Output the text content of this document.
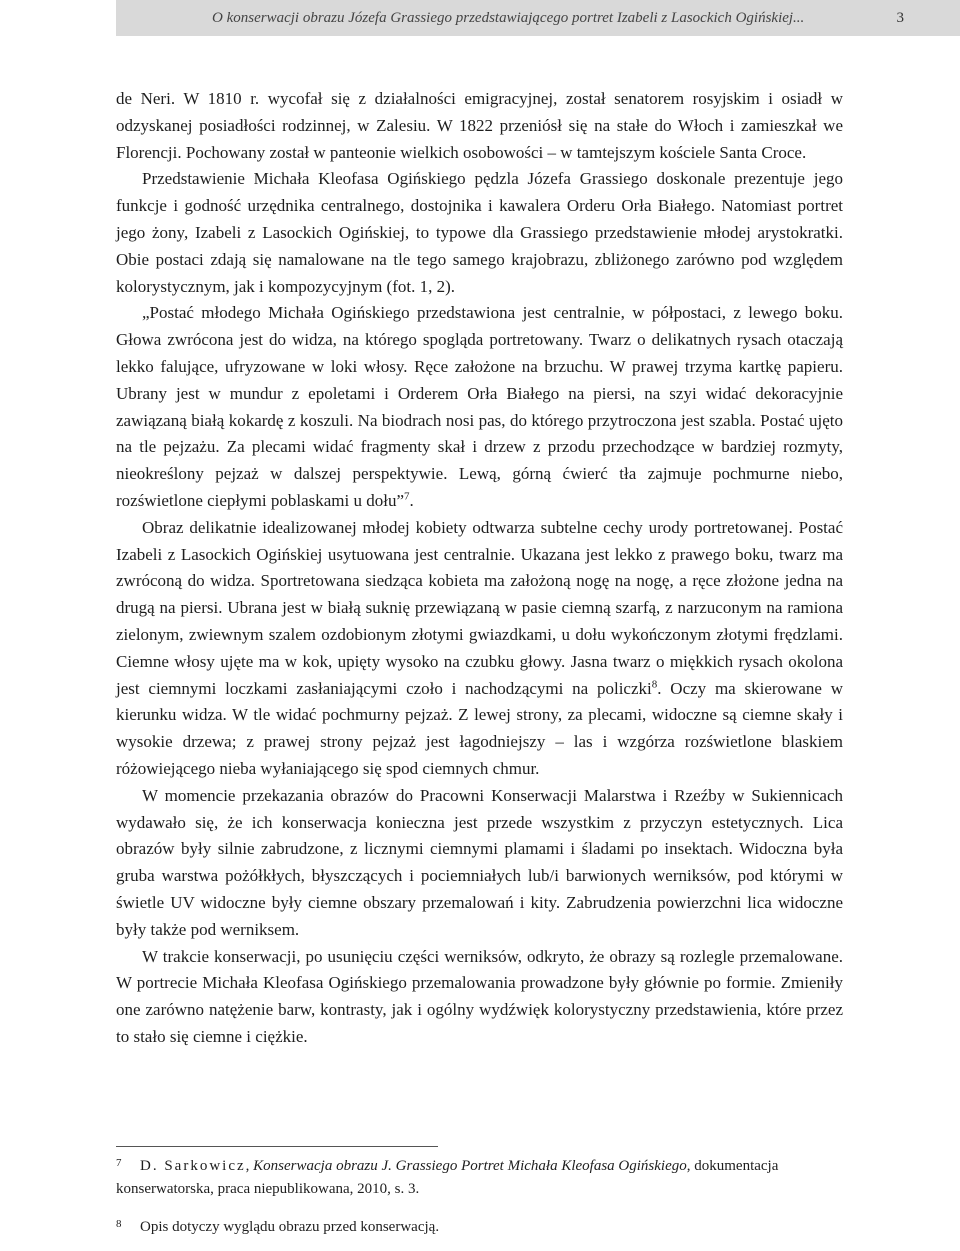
O konserwacji obrazu Józefa Grassiego przedstawiającego portret Izabeli z Lasockich Ogińskiej...	3

de Neri. W 1810 r. wycofał się z działalności emigracyjnej, został senatorem rosyjskim i osiadł w odzyskanej posiadłości rodzinnej, w Zalesiu. W 1822 przeniósł się na stałe do Włoch i zamieszkał we Florencji. Pochowany został w panteonie wielkich osobowości – w tamtejszym kościele Santa Croce.

Przedstawienie Michała Kleofasa Ogińskiego pędzla Józefa Grassiego doskonale prezentuje jego funkcje i godność urzędnika centralnego, dostojnika i kawalera Orderu Orła Białego. Natomiast portret jego żony, Izabeli z Lasockich Ogińskiej, to typowe dla Grassiego przedstawienie młodej arystokratki. Obie postaci zdają się namalowane na tle tego samego krajobrazu, zbliżonego zarówno pod względem kolorystycznym, jak i kompozycyjnym (fot. 1, 2).

„Postać młodego Michała Ogińskiego przedstawiona jest centralnie, w półpostaci, z lewego boku. Głowa zwrócona jest do widza, na którego spogląda portretowany. Twarz o delikatnych rysach otaczają lekko falujące, ufryzowane w loki włosy. Ręce założone na brzuchu. W prawej trzyma kartkę papieru. Ubrany jest w mundur z epoletami i Orderem Orła Białego na piersi, na szyi widać dekoracyjnie zawiązaną białą kokardę z koszuli. Na biodrach nosi pas, do którego przytroczona jest szabla. Postać ujęto na tle pejzażu. Za plecami widać fragmenty skał i drzew z przodu przechodzące w bardziej rozmyty, nieokreślony pejzaż w dalszej perspektywie. Lewą, górną ćwierć tła zajmuje pochmurne niebo, rozświetlone ciepłymi poblaskami u dołu”$^7$.

Obraz delikatnie idealizowanej młodej kobiety odtwarza subtelne cechy urody portretowanej. Postać Izabeli z Lasockich Ogińskiej usytuowana jest centralnie. Ukazana jest lekko z prawego boku, twarz ma zwróconą do widza. Sportretowana siedząca kobieta ma założoną nogę na nogę, a ręce złożone jedna na drugą na piersi. Ubrana jest w białą suknię przewiązaną w pasie ciemną szarfą, z narzuconym na ramiona zielonym, zwiewnym szalem ozdobionym złotymi gwiazdkami, u dołu wykończonym złotymi frędzlami. Ciemne włosy ujęte ma w kok, upięty wysoko na czubku głowy. Jasna twarz o miękkich rysach okolona jest ciemnymi loczkami zasłaniającymi czoło i nachodzącymi na policzki$^8$. Oczy ma skierowane w kierunku widza. W tle widać pochmurny pejzaż. Z lewej strony, za plecami, widoczne są ciemne skały i wysokie drzewa; z prawej strony pejzaż jest łagodniejszy – las i wzgórza rozświetlone blaskiem różowiejącego nieba wyłaniającego się spod ciemnych chmur.

W momencie przekazania obrazów do Pracowni Konserwacji Malarstwa i Rzeźby w Sukiennicach wydawało się, że ich konserwacja konieczna jest przede wszystkim z przyczyn estetycznych. Lica obrazów były silnie zabrudzone, z licznymi ciemnymi plamami i śladami po insektach. Widoczna była gruba warstwa pożółkłych, błyszczących i pociemniałych lub/i barwionych werniksów, pod którymi w świetle UV widoczne były ciemne obszary przemalowań i kity. Zabrudzenia powierzchni lica widoczne były także pod werniksem.

W trakcie konserwacji, po usunięciu części werniksów, odkryto, że obrazy są rozlegle przemalowane. W portrecie Michała Kleofasa Ogińskiego przemalowania prowadzone były głównie po formie. Zmieniły one zarówno natężenie barw, kontrasty, jak i ogólny wydźwięk kolorystyczny przedstawienia, które przez to stało się ciemne i ciężkie.

7 D. Sarkowicz, Konserwacja obrazu J. Grassiego Portret Michała Kleofasa Ogińskiego, dokumentacja konserwatorska, praca niepublikowana, 2010, s. 3.

8 Opis dotyczy wyglądu obrazu przed konserwacją.
